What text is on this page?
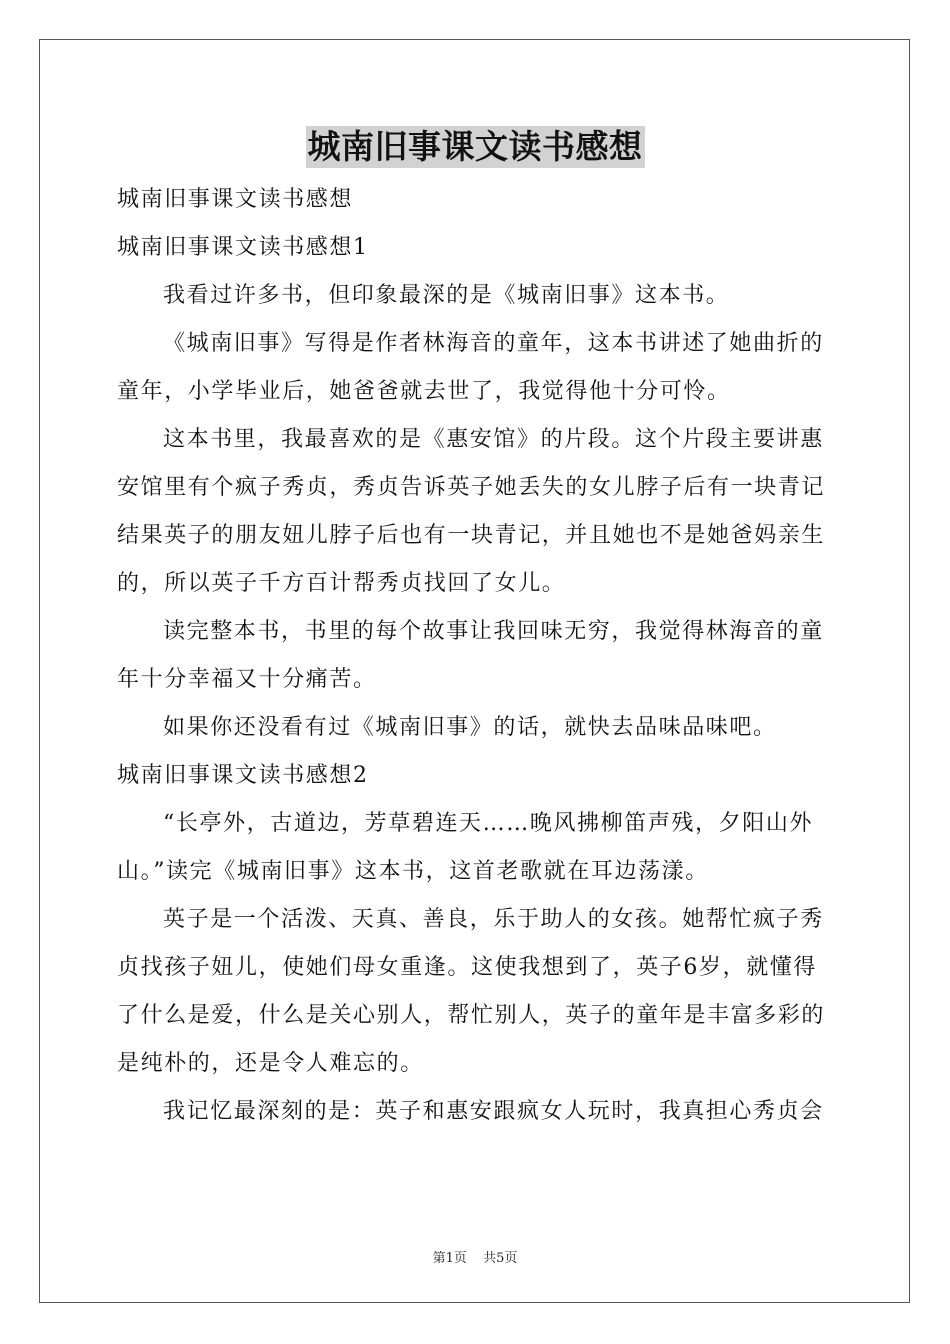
城南旧事课文读书感想

城南旧事课文读书感想

城南旧事课文读书感想1

我看过许多书，但印象最深的是《城南旧事》这本书。

《城南旧事》写得是作者林海音的童年，这本书讲述了她曲折的

童年，小学毕业后，她爸爸就去世了，我觉得他十分可怜。

这本书里，我最喜欢的是《惠安馆》的片段。这个片段主要讲惠

安馆里有个疯子秀贞，秀贞告诉英子她丢失的女儿脖子后有一块青记

结果英子的朋友妞儿脖子后也有一块青记，并且她也不是她爸妈亲生

的，所以英子千方百计帮秀贞找回了女儿。

读完整本书，书里的每个故事让我回味无穷，我觉得林海音的童

年十分幸福又十分痛苦。

如果你还没看有过《城南旧事》的话，就快去品味品味吧。

城南旧事课文读书感想2

“长亭外，古道边，芳草碧连天……晚风拂柳笛声残，夕阳山外

山。”读完《城南旧事》这本书，这首老歌就在耳边荡漾。

英子是一个活泼、天真、善良，乐于助人的女孩。她帮忙疯子秀

贞找孩子妞儿，使她们母女重逢。这使我想到了，英子6岁，就懂得

了什么是爱，什么是关心别人，帮忙别人，英子的童年是丰富多彩的

是纯朴的，还是令人难忘的。

我记忆最深刻的是：英子和惠安跟疯女人玩时，我真担心秀贞会

第1页 共5页
